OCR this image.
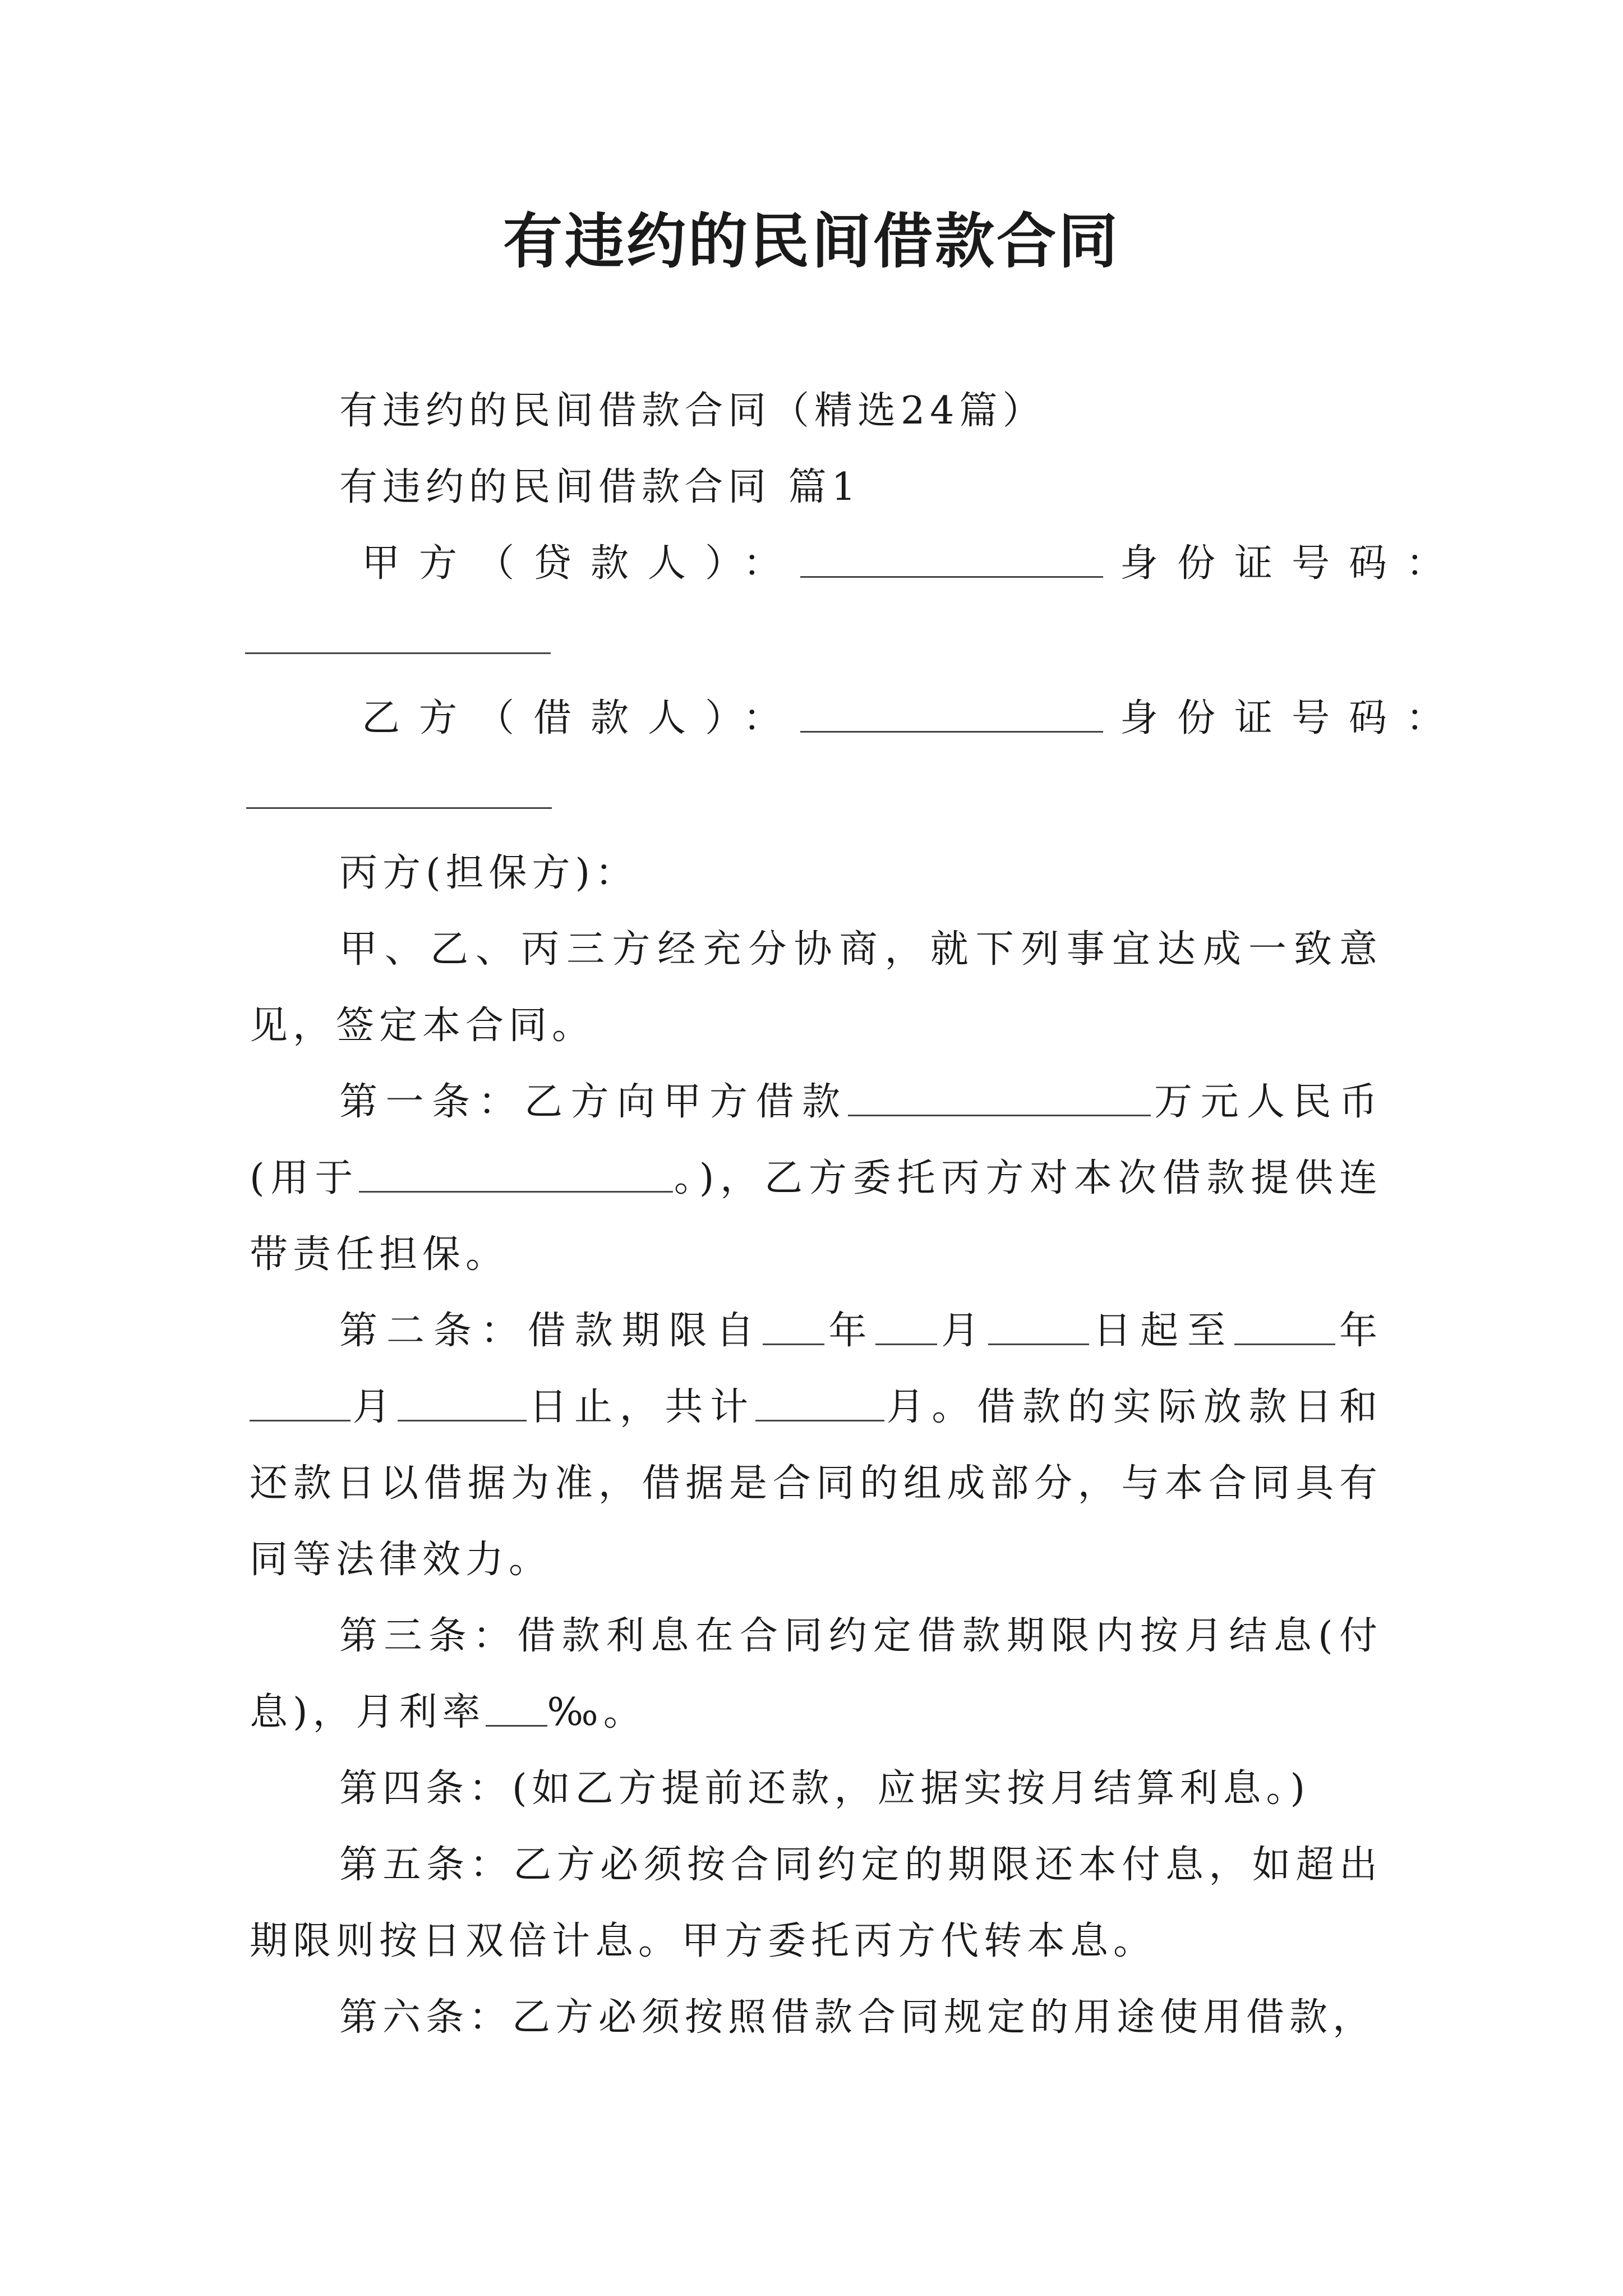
有违约的民间借款合同

有违约的民间借款合同（精选24篇）

有违约的民间借款合同 篇1

甲方（贷款人）：	身份证号码：

乙方（借款人）：	身份证号码：

丙方(担保方)：

甲、乙、丙三方经充分协商，就下列事宜达成一致意见，签定本合同。

第一条：乙方向甲方借款	万元人民币(用于	。)，乙方委托丙方对本次借款提供连带责任担保。

第二条：借款期限自 年 月	日起至	年月	日止，共计	月。借款的实际放款日和还款日以借据为准，借据是合同的组成部分，与本合同具有同等法律效力。

第三条：借款利息在合同约定借款期限内按月结息(付息)，月利率 ‰。

第四条：(如乙方提前还款，应据实按月结算利息。)

第五条：乙方必须按合同约定的期限还本付息，如超出期限则按日双倍计息。甲方委托丙方代转本息。

第六条：乙方必须按照借款合同规定的用途使用借款，
